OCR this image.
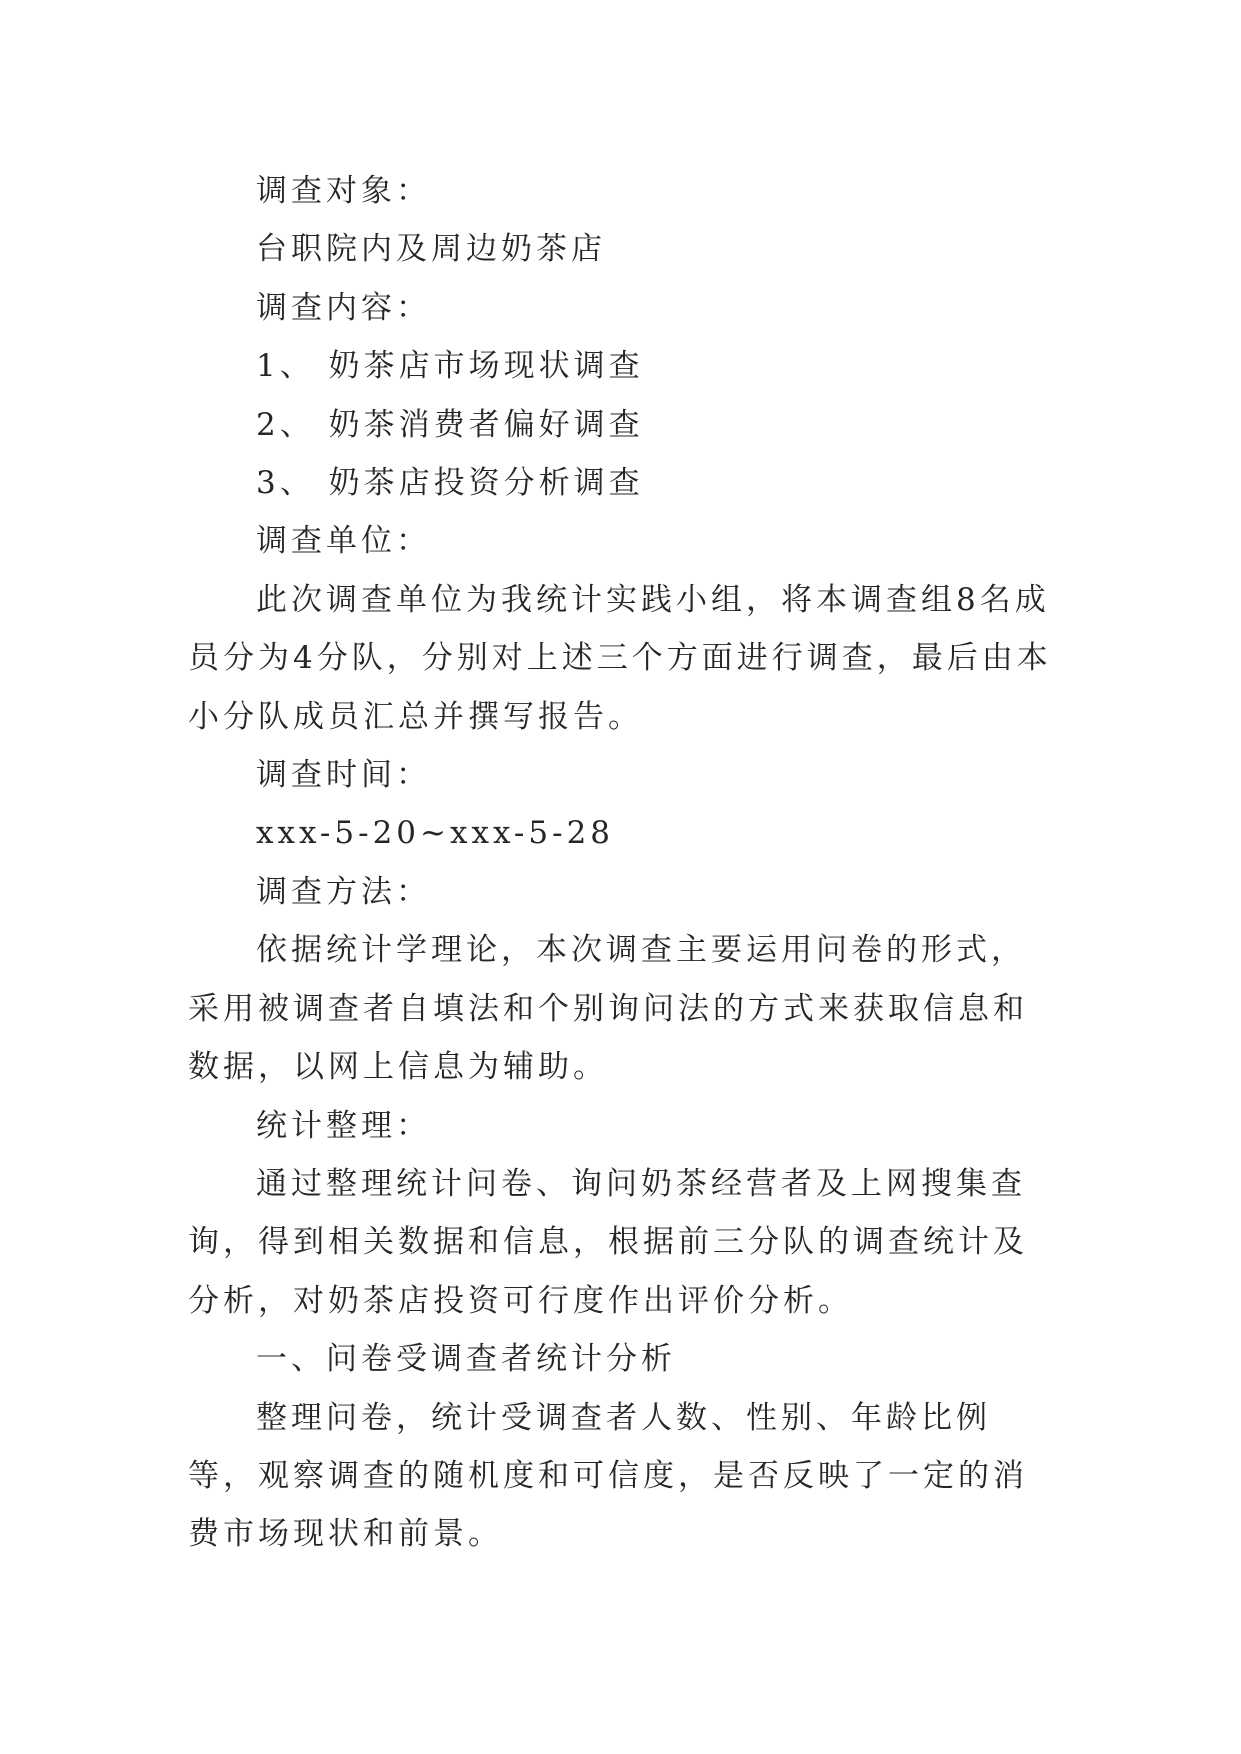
调查对象：
台职院内及周边奶茶店
调查内容：
1、 奶茶店市场现状调查
2、 奶茶消费者偏好调查
3、 奶茶店投资分析调查
调查单位：

此次调查单位为我统计实践小组，将本调查组8名成员分为4分队，分别对上述三个方面进行调查，最后由本小分队成员汇总并撰写报告。

调查时间：
xxx-5-20~xxx-5-28
调查方法：

依据统计学理论，本次调查主要运用问卷的形式，采用被调查者自填法和个别询问法的方式来获取信息和数据，以网上信息为辅助。

统计整理：

通过整理统计问卷、询问奶茶经营者及上网搜集查询，得到相关数据和信息，根据前三分队的调查统计及分析，对奶茶店投资可行度作出评价分析。

一、问卷受调查者统计分析

整理问卷，统计受调查者人数、性别、年龄比例等，观察调查的随机度和可信度，是否反映了一定的消费市场现状和前景。
